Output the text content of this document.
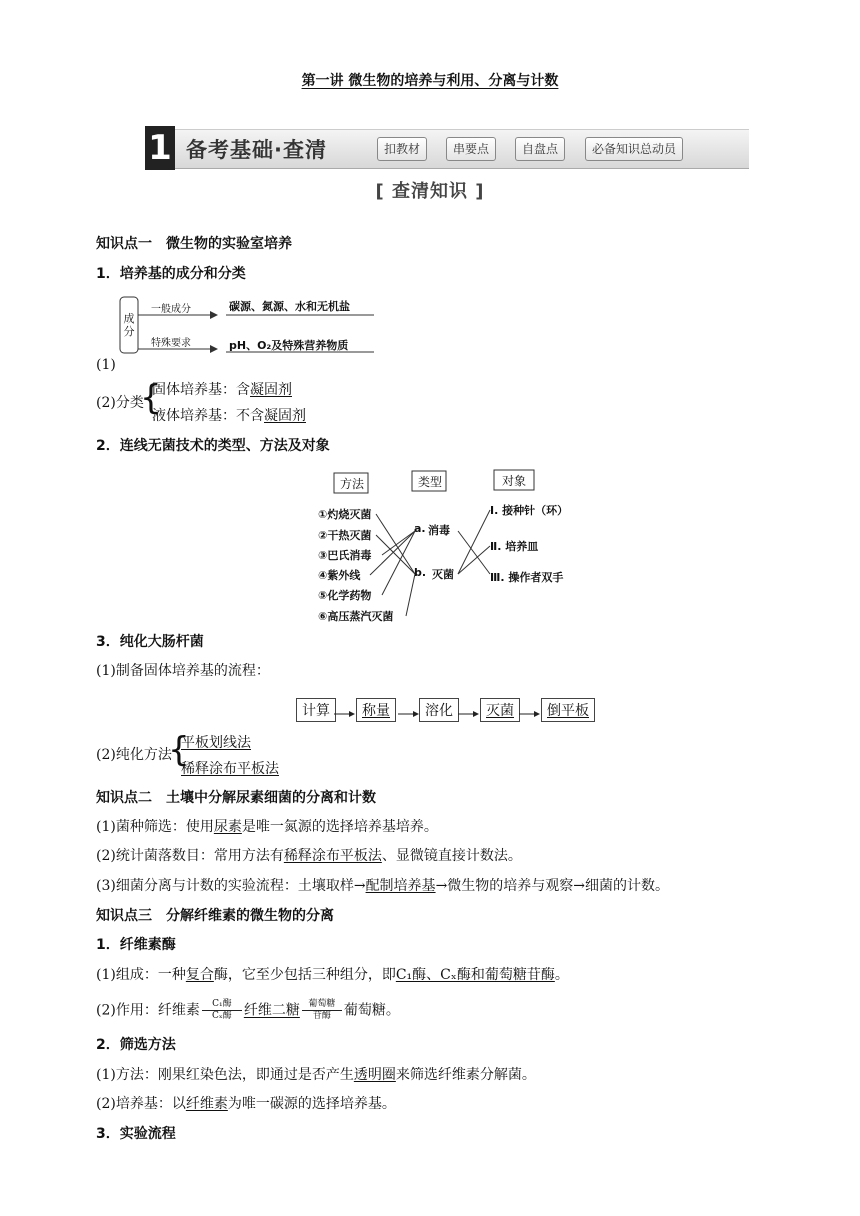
第一讲 微生物的培养与利用、分离与计数
1 备考基础·查清	扣教材	串要点	自盘点	必备知识总动员
[ 查清知识 ]
知识点一　微生物的实验室培养
1．培养基的成分和分类
成分
一般成分
特殊要求
碳源、氮源、水和无机盐
pH、O₂及特殊营养物质
(1)
(2)分类
{
固体培养基：含凝固剂
液体培养基：不含凝固剂
2．连线无菌技术的类型、方法及对象
方法	类型	对象
①灼烧灭菌
②干热灭菌
③巴氏消毒
④紫外线
⑤化学药物
⑥高压蒸汽灭菌
a. 消毒
b. 灭菌
Ⅰ. 接种针（环）
Ⅱ. 培养皿
Ⅲ. 操作者双手
3．纯化大肠杆菌
(1)制备固体培养基的流程：
计算	称量	溶化	灭菌	倒平板
(2)纯化方法
{
平板划线法
稀释涂布平板法
知识点二　土壤中分解尿素细菌的分离和计数
(1)菌种筛选：使用尿素是唯一氮源的选择培养基培养。
(2)统计菌落数目：常用方法有稀释涂布平板法、显微镜直接计数法。
(3)细菌分离与计数的实验流程：土壤取样→配制培养基→微生物的培养与观察→细菌的计数。
知识点三　分解纤维素的微生物的分离
1．纤维素酶
(1)组成：一种复合酶，它至少包括三种组分，即C₁酶、Cₓ酶和葡萄糖苷酶。
(2)作用：纤维素 $\frac{\text{C₁酶}}{\text{Cₓ酶}}$ 纤维二糖 $\frac{\text{葡萄糖}}{\text{苷酶}}$ 葡萄糖。
2．筛选方法
(1)方法：刚果红染色法，即通过是否产生透明圈来筛选纤维素分解菌。
(2)培养基：以纤维素为唯一碳源的选择培养基。
3．实验流程
